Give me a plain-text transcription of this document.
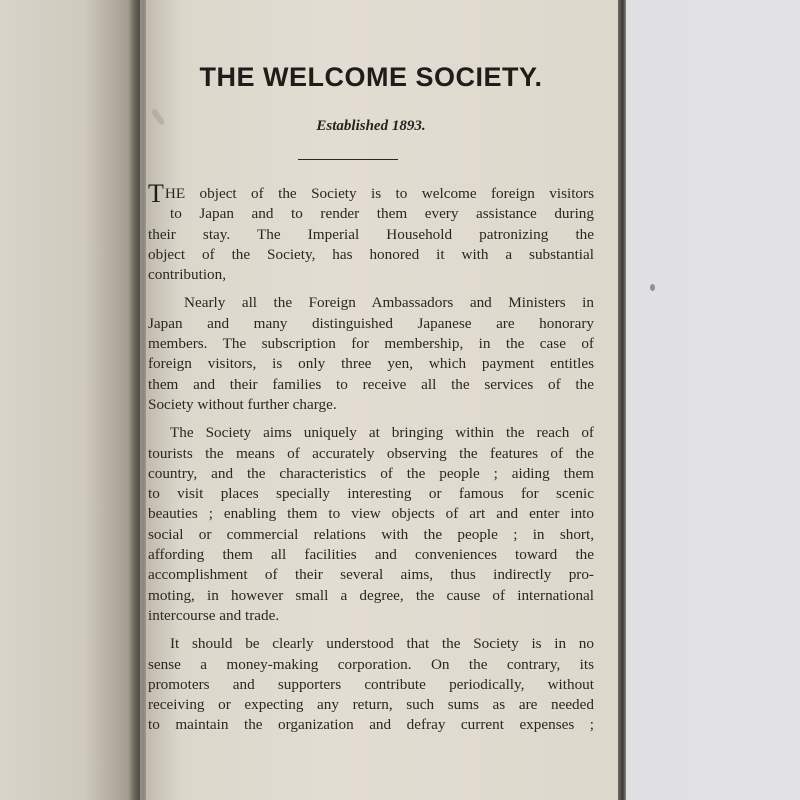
THE WELCOME SOCIETY.
Established 1893.
THE object of the Society is to welcome foreign visitors
to Japan and to render them every assistance during
their stay. The Imperial Household patronizing the
object of the Society, has honored it with a substantial
contribution,
Nearly all the Foreign Ambassadors and Ministers in
Japan and many distinguished Japanese are honorary
members. The subscription for membership, in the case of
foreign visitors, is only three yen, which payment entitles
them and their families to receive all the services of the
Society without further charge.
The Society aims uniquely at bringing within the reach of
tourists the means of accurately observing the features of the
country, and the characteristics of the people ; aiding them
to visit places specially interesting or famous for scenic
beauties ; enabling them to view objects of art and enter into
social or commercial relations with the people ; in short,
affording them all facilities and conveniences toward the
accomplishment of their several aims, thus indirectly pro-
moting, in however small a degree, the cause of international
intercourse and trade.
It should be clearly understood that the Society is in no
sense a money-making corporation. On the contrary, its
promoters and supporters contribute periodically, without
receiving or expecting any return, such sums as are needed
to maintain the organization and defray current expenses ;
